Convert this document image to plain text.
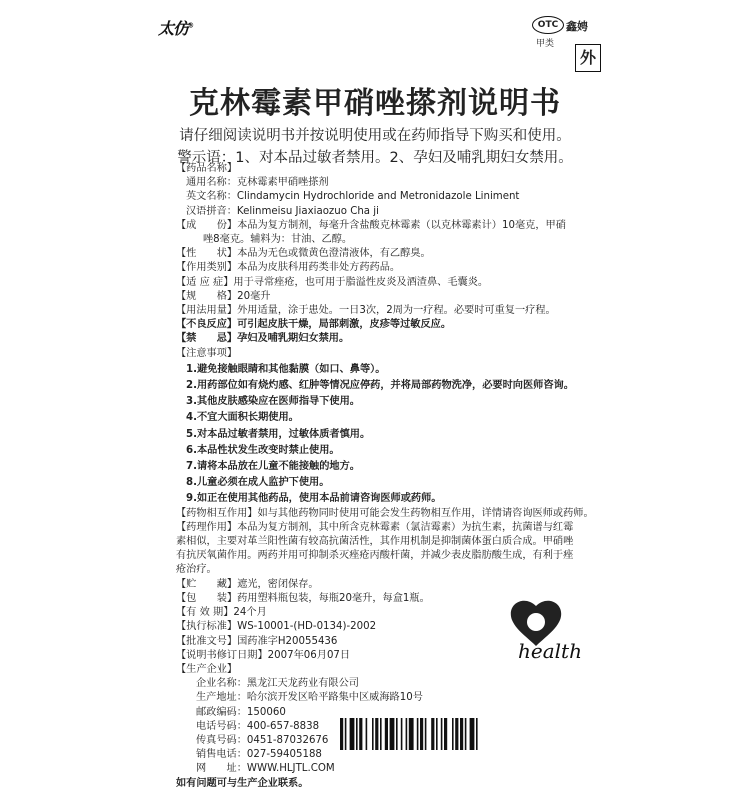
太仿®	OTC
甲类
鑫娉
外
克林霉素甲硝唑搽剂说明书
请仔细阅读说明书并按说明使用或在药师指导下购买和使用。
警示语：1、对本品过敏者禁用。2、孕妇及哺乳期妇女禁用。
【药品名称】
通用名称：克林霉素甲硝唑搽剂
英文名称：Clindamycin Hydrochloride and Metronidazole Liniment
汉语拼音：Kelinmeisu Jiaxiaozuo Cha ji
【成　　份】本品为复方制剂，每毫升含盐酸克林霉素（以克林霉素计）10毫克，甲硝
唑8毫克。辅料为：甘油、乙醇。
【性　　状】本品为无色或微黄色澄清液体，有乙醇臭。
【作用类别】本品为皮肤科用药类非处方药药品。
【适 应 症】用于寻常痤疮，也可用于脂溢性皮炎及酒渣鼻、毛囊炎。
【规　　格】20毫升
【用法用量】外用适量，涂于患处。一日3次，2周为一疗程。必要时可重复一疗程。
【不良反应】可引起皮肤干燥，局部刺激，皮疹等过敏反应。
【禁　　忌】孕妇及哺乳期妇女禁用。
【注意事项】
1.避免接触眼睛和其他黏膜（如口、鼻等）。
2.用药部位如有烧灼感、红肿等情况应停药，并将局部药物洗净，必要时向医师咨询。
3.其他皮肤感染应在医师指导下使用。
4.不宜大面积长期使用。
5.对本品过敏者禁用，过敏体质者慎用。
6.本品性状发生改变时禁止使用。
7.请将本品放在儿童不能接触的地方。
8.儿童必须在成人监护下使用。
9.如正在使用其他药品，使用本品前请咨询医师或药师。
【药物相互作用】如与其他药物同时使用可能会发生药物相互作用，详情请咨询医师或药师。
【药理作用】本品为复方制剂，其中所含克林霉素（氯洁霉素）为抗生素，抗菌谱与红霉
素相似，主要对革兰阳性菌有较高抗菌活性，其作用机制是抑制菌体蛋白质合成。甲硝唑
有抗厌氧菌作用。两药并用可抑制杀灭痤疮丙酸杆菌，并减少表皮脂肪酸生成，有利于痤
疮治疗。
【贮　　藏】遮光，密闭保存。
【包　　装】药用塑料瓶包装，每瓶20毫升，每盒1瓶。
【有 效 期】24个月
【执行标准】WS-10001-(HD-0134)-2002
【批准文号】国药准字H20055436
【说明书修订日期】2007年06月07日
【生产企业】
企业名称：黑龙江天龙药业有限公司
生产地址：哈尔滨开发区哈平路集中区威海路10号
邮政编码：150060
电话号码：400-657-8838
传真号码：0451-87032676
销售电话：027-59405188
网　　址：WWW.HLJTL.COM
如有问题可与生产企业联系。
health
